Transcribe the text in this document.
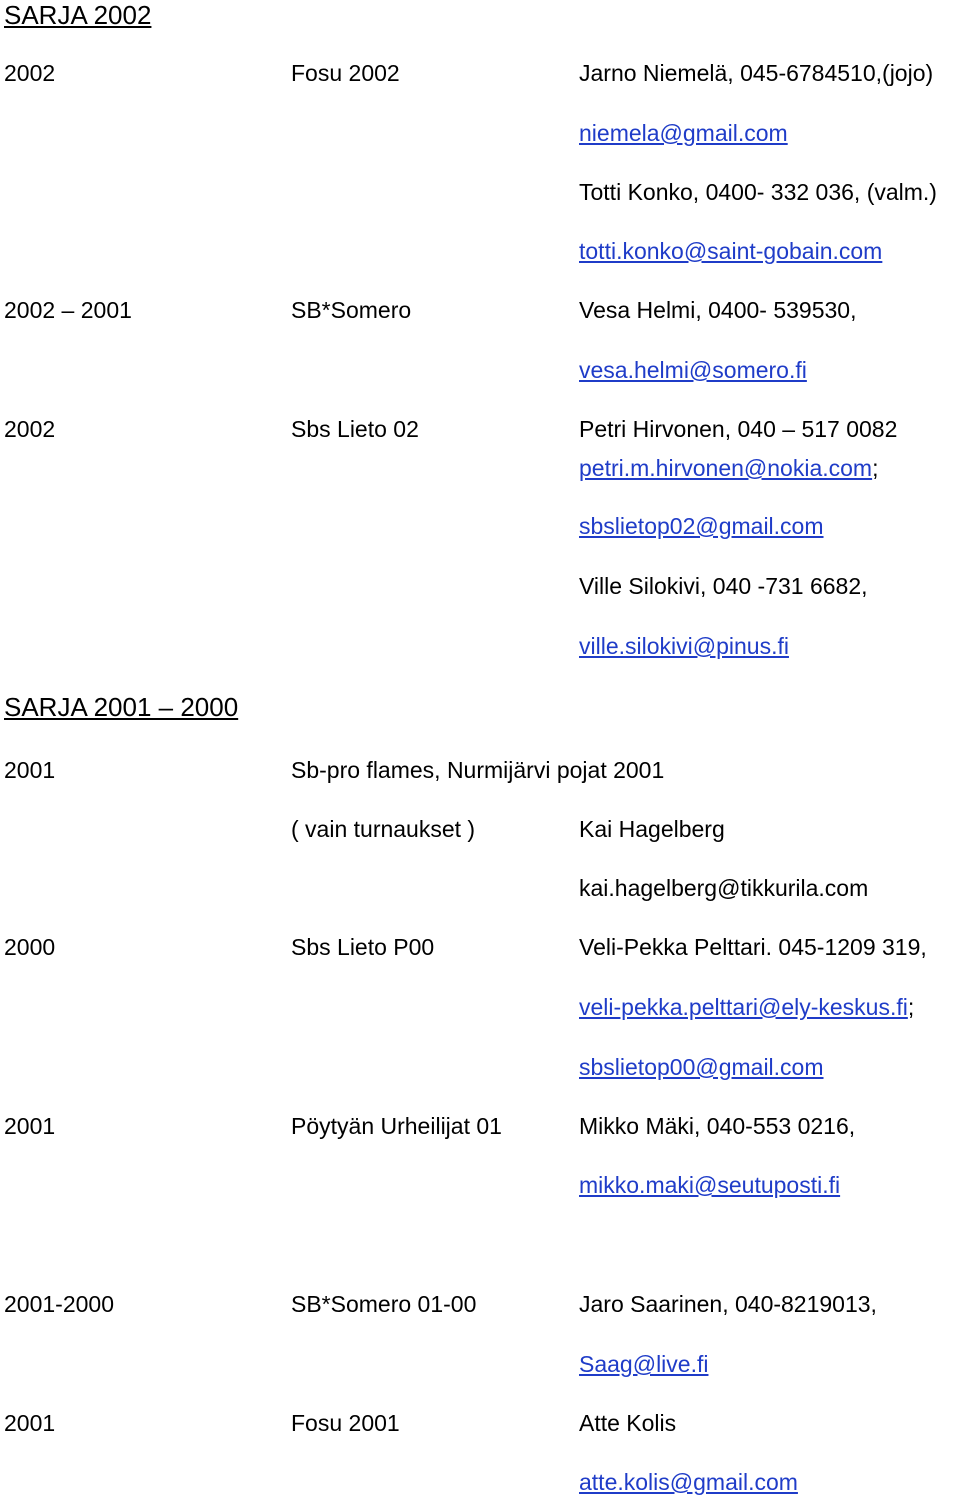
SARJA 2002
2002	Fosu 2002	Jarno Niemelä, 045-6784510,(jojo)
niemela@gmail.com
Totti Konko, 0400- 332 036, (valm.)
totti.konko@saint-gobain.com
2002 – 2001	SB*Somero	Vesa Helmi, 0400- 539530,
vesa.helmi@somero.fi
2002	Sbs Lieto 02	Petri Hirvonen, 040 – 517 0082
petri.m.hirvonen@nokia.com;
sbslietop02@gmail.com
Ville Silokivi, 040 -731 6682,
ville.silokivi@pinus.fi
SARJA 2001 – 2000
2001	Sb-pro flames, Nurmijärvi pojat 2001
( vain turnaukset )	Kai Hagelberg
kai.hagelberg@tikkurila.com
2000	Sbs Lieto P00	Veli-Pekka Pelttari. 045-1209 319,
veli-pekka.pelttari@ely-keskus.fi;
sbslietop00@gmail.com
2001	Pöytyän Urheilijat 01	Mikko Mäki, 040-553 0216,
mikko.maki@seutuposti.fi
2001-2000	SB*Somero 01-00	Jaro Saarinen, 040-8219013,
Saag@live.fi
2001	Fosu 2001	Atte Kolis
atte.kolis@gmail.com
